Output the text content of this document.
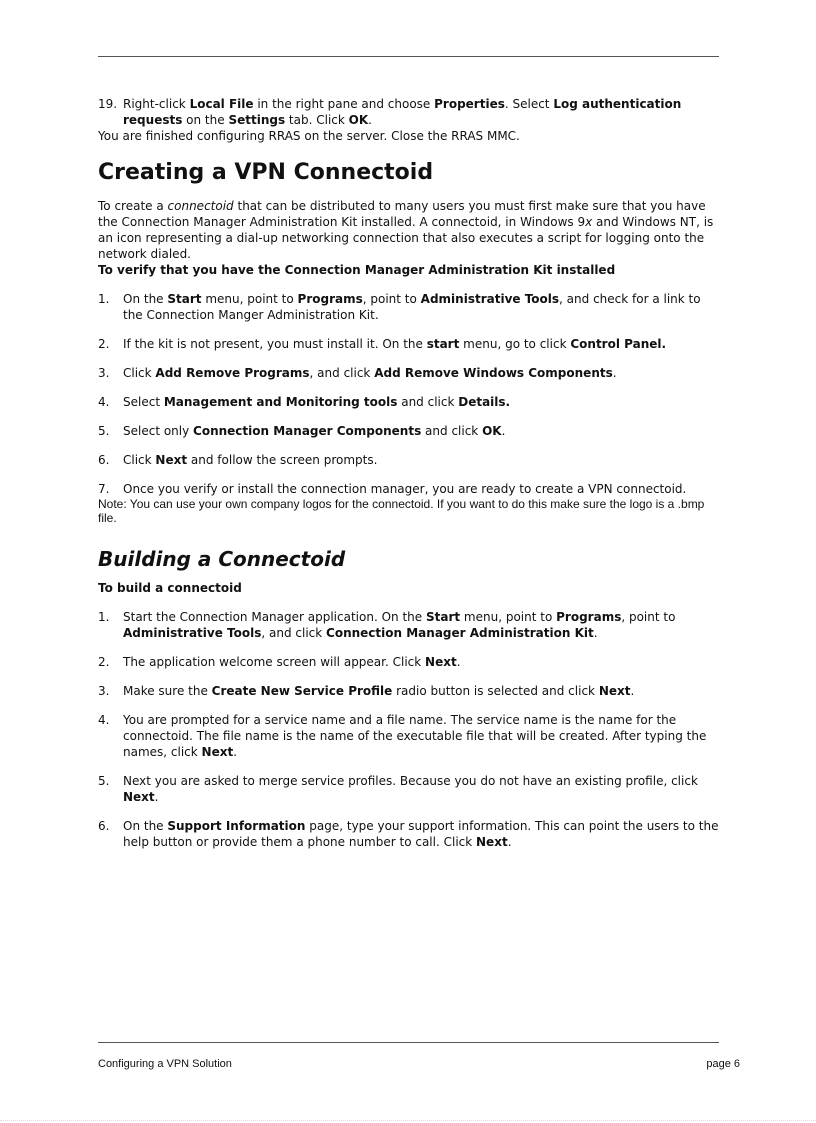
19. Right-click Local File in the right pane and choose Properties. Select Log authentication requests on the Settings tab. Click OK.

You are finished configuring RRAS on the server. Close the RRAS MMC.

Creating a VPN Connectoid

To create a connectoid that can be distributed to many users you must first make sure that you have the Connection Manager Administration Kit installed. A connectoid, in Windows 9x and Windows NT, is an icon representing a dial-up networking connection that also executes a script for logging onto the network dialed.

To verify that you have the Connection Manager Administration Kit installed

1.	On the Start menu, point to Programs, point to Administrative Tools, and check for a link to the Connection Manger Administration Kit.
2.	If the kit is not present, you must install it. On the start menu, go to click Control Panel.
3.	Click Add Remove Programs, and click Add Remove Windows Components.
4.	Select Management and Monitoring tools and click Details.
5.	Select only Connection Manager Components and click OK.
6.	Click Next and follow the screen prompts.
7.	Once you verify or install the connection manager, you are ready to create a VPN connectoid.

Note: You can use your own company logos for the connectoid. If you want to do this make sure the logo is a .bmp file.

Building a Connectoid

To build a connectoid

1.	Start the Connection Manager application. On the Start menu, point to Programs, point to Administrative Tools, and click Connection Manager Administration Kit.
2.	The application welcome screen will appear. Click Next.
3.	Make sure the Create New Service Profile radio button is selected and click Next.
4.	You are prompted for a service name and a file name. The service name is the name for the connectoid. The file name is the name of the executable file that will be created. After typing the names, click Next.
5.	Next you are asked to merge service profiles. Because you do not have an existing profile, click Next.
6.	On the Support Information page, type your support information. This can point the users to the help button or provide them a phone number to call. Click Next.
Configuring a VPN Solution	page 6
